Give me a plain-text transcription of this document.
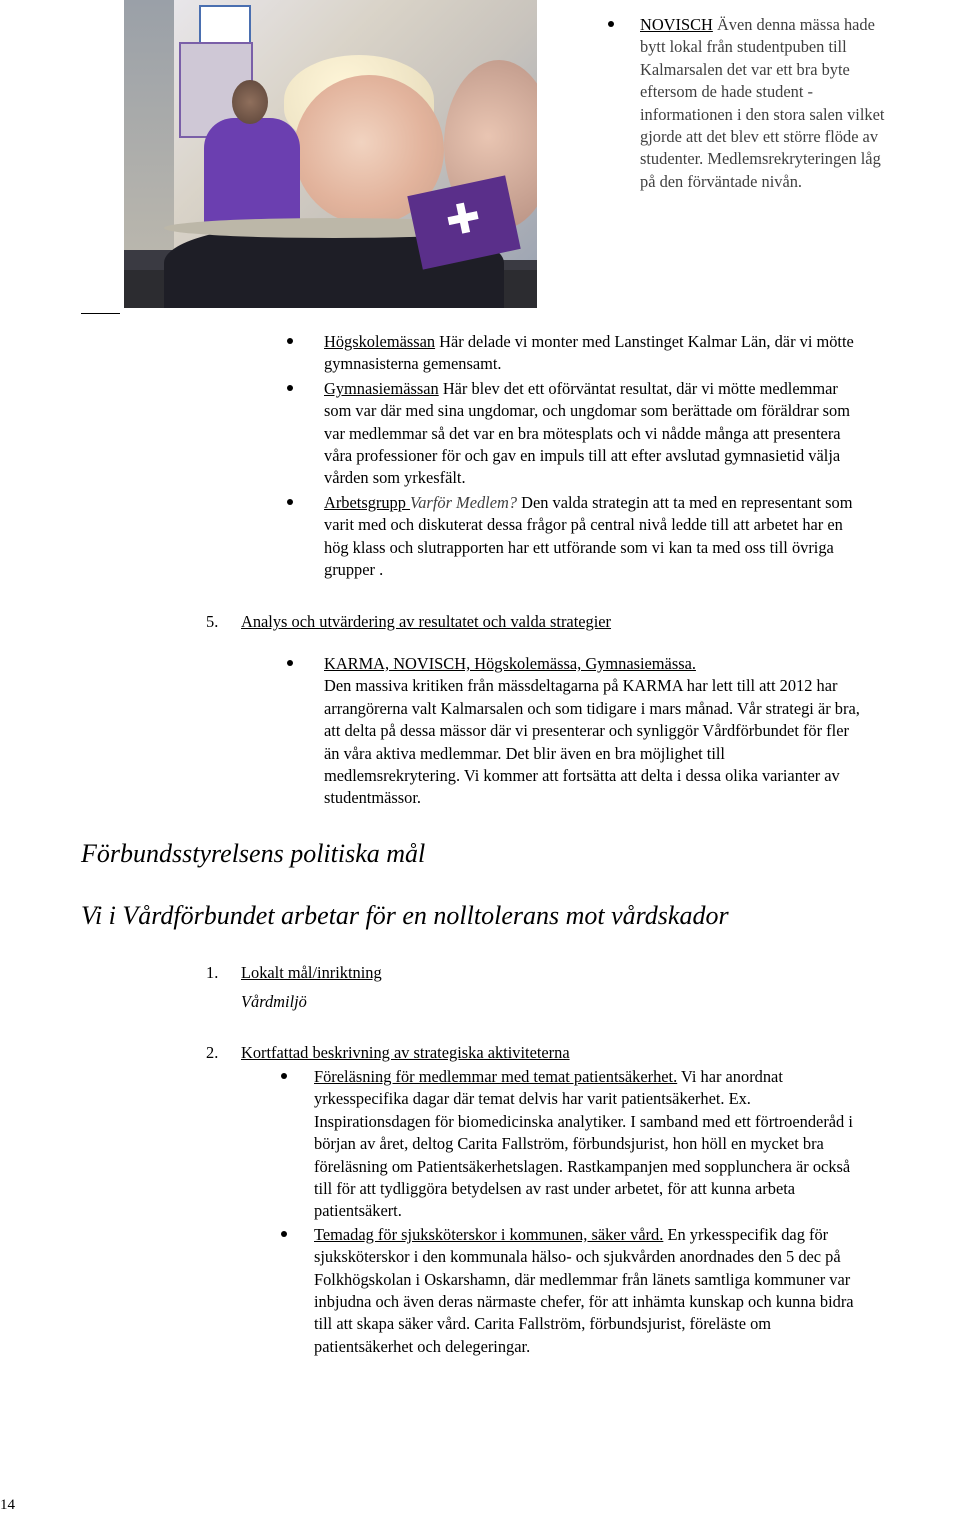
NOVISCH Även denna mässa hade
bytt lokal från studentpuben till
Kalmarsalen det var ett bra byte
eftersom de hade student -
informationen i den stora salen vilket
gjorde att det blev ett större flöde av
studenter. Medlemsrekryteringen låg
på den förväntade nivån.
Högskolemässan Här delade vi monter med Lanstinget Kalmar Län, där vi mötte
gymnasisterna gemensamt.
Gymnasiemässan Här blev det ett oförväntat resultat, där vi mötte medlemmar
som var där med sina ungdomar, och ungdomar som berättade om föräldrar som
var medlemmar så det var en bra mötesplats och vi nådde många att presentera
våra professioner för och gav en impuls till att efter avslutad gymnasietid välja
vården som yrkesfält.
Arbetsgrupp Varför Medlem? Den valda strategin att ta med en representant som
varit med och diskuterat dessa frågor på central nivå ledde till att arbetet har en
hög klass och slutrapporten har ett utförande som vi kan ta med oss till övriga
grupper .
5. Analys och utvärdering av resultatet och valda strategier
KARMA, NOVISCH, Högskolemässa, Gymnasiemässa.
Den massiva kritiken från mässdeltagarna på KARMA har lett till att 2012 har
arrangörerna valt Kalmarsalen och som tidigare i mars månad. Vår strategi är bra,
att delta på dessa mässor där vi presenterar och synliggör Vårdförbundet för fler
än våra aktiva medlemmar. Det blir även en bra möjlighet till
medlemsrekrytering. Vi kommer att fortsätta att delta i dessa olika varianter av
studentmässor.
Förbundsstyrelsens politiska mål
Vi i Vårdförbundet arbetar för en nolltolerans mot vårdskador
1. Lokalt mål/inriktning
Vårdmiljö
2. Kortfattad beskrivning av strategiska aktiviteterna
Föreläsning för medlemmar med temat patientsäkerhet. Vi har anordnat
yrkesspecifika dagar där temat delvis har varit patientsäkerhet. Ex.
Inspirationsdagen för biomedicinska analytiker. I samband med ett förtroenderåd i
början av året, deltog Carita Fallström, förbundsjurist, hon höll en mycket bra
föreläsning om Patientsäkerhetslagen. Rastkampanjen med sopplunchera är också
till för att tydliggöra betydelsen av rast under arbetet, för att kunna arbeta
patientsäkert.
Temadag för sjuksköterskor i kommunen, säker vård. En yrkesspecifik dag för
sjuksköterskor i den kommunala hälso- och sjukvården anordnades den 5 dec på
Folkhögskolan i Oskarshamn, där medlemmar från länets samtliga kommuner var
inbjudna och även deras närmaste chefer, för att inhämta kunskap och kunna bidra
till att skapa säker vård. Carita Fallström, förbundsjurist, föreläste om
patientsäkerhet och delegeringar.
14
